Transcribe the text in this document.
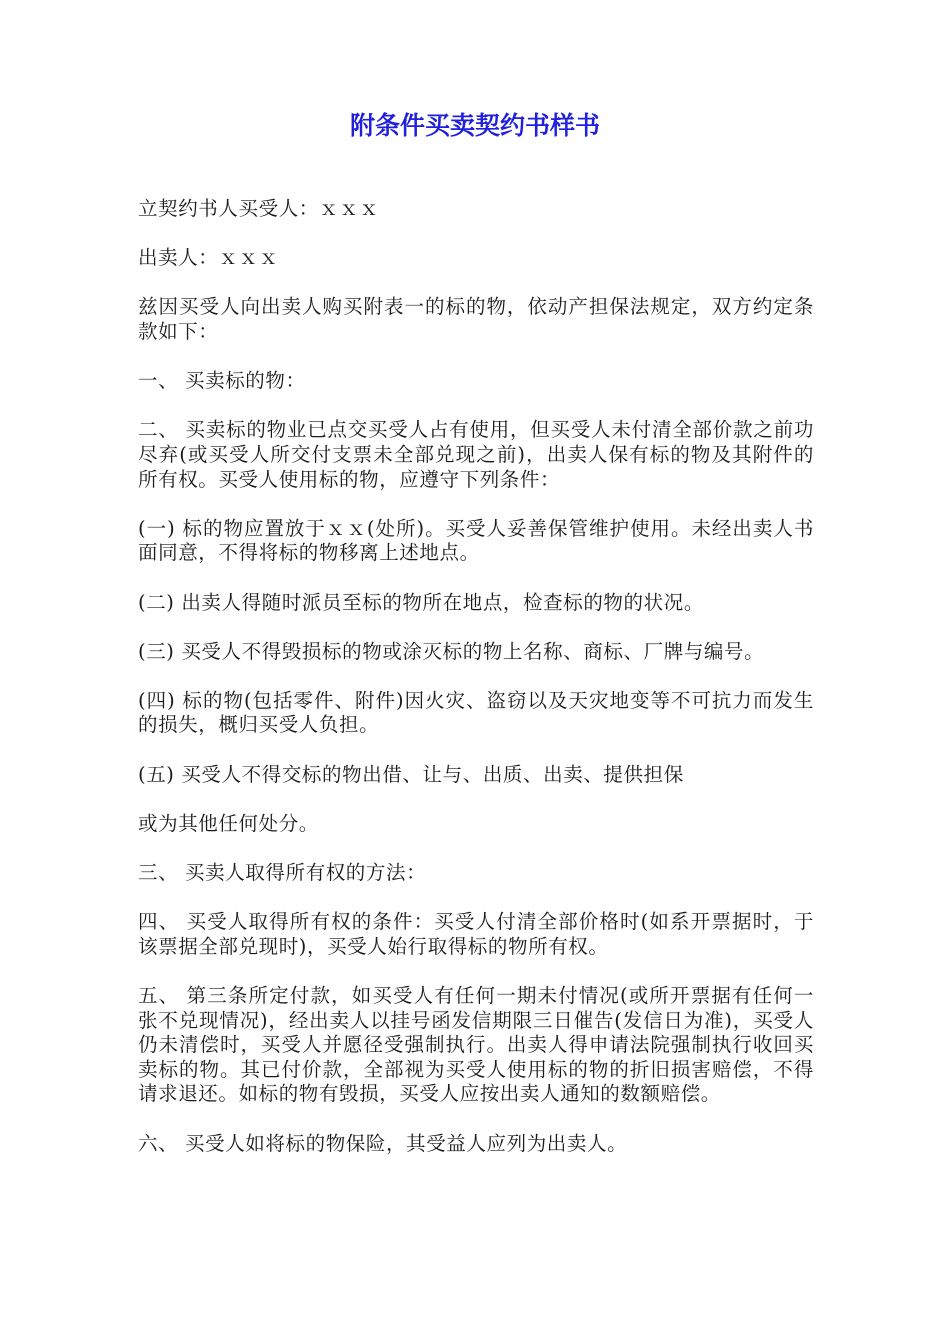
附条件买卖契约书样书

立契约书人买受人：ｘｘｘ

出卖人：ｘｘｘ

兹因买受人向出卖人购买附表一的标的物，依动产担保法规定，双方约定条款如下：

一、 买卖标的物：

二、 买卖标的物业已点交买受人占有使用，但买受人未付清全部价款之前功尽弃(或买受人所交付支票未全部兑现之前)，出卖人保有标的物及其附件的所有权。买受人使用标的物，应遵守下列条件：

(一) 标的物应置放于ｘｘ(处所)。买受人妥善保管维护使用。未经出卖人书面同意，不得将标的物移离上述地点。

(二) 出卖人得随时派员至标的物所在地点，检查标的物的状况。

(三) 买受人不得毁损标的物或涂灭标的物上名称、商标、厂牌与编号。

(四) 标的物(包括零件、附件)因火灾、盗窃以及天灾地变等不可抗力而发生的损失，概归买受人负担。

(五) 买受人不得交标的物出借、让与、出质、出卖、提供担保

或为其他任何处分。

三、 买卖人取得所有权的方法：

四、 买受人取得所有权的条件：买受人付清全部价格时(如系开票据时，于该票据全部兑现时)，买受人始行取得标的物所有权。

五、 第三条所定付款，如买受人有任何一期未付情况(或所开票据有任何一张不兑现情况)，经出卖人以挂号函发信期限三日催告(发信日为准)，买受人仍未清偿时，买受人并愿径受强制执行。出卖人得申请法院强制执行收回买卖标的物。其已付价款，全部视为买受人使用标的物的折旧损害赔偿，不得请求退还。如标的物有毁损，买受人应按出卖人通知的数额赔偿。

六、 买受人如将标的物保险，其受益人应列为出卖人。
